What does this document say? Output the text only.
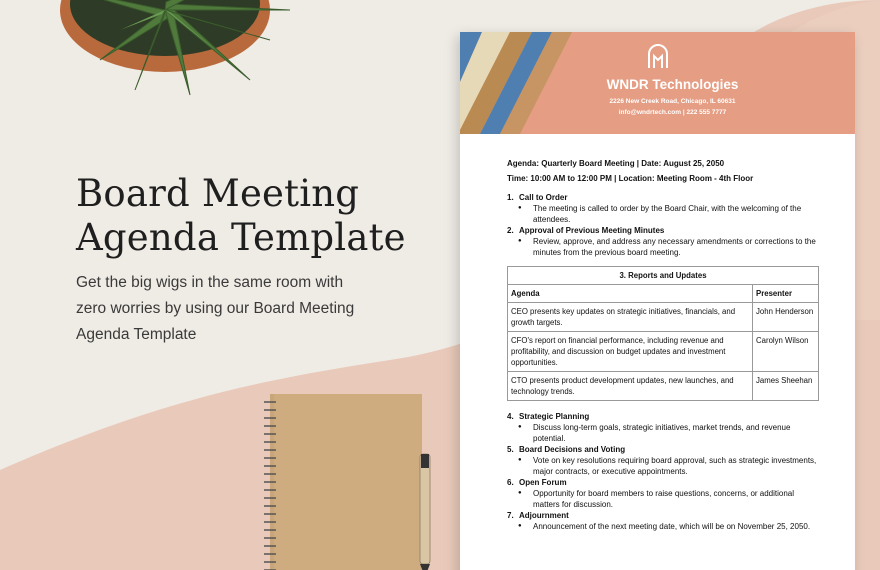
Board Meeting
Agenda Template
Get the big wigs in the same room with zero worries by using our Board Meeting Agenda Template
WNDR Technologies
2226 New Creek Road, Chicago, IL 60631
info@wndrtech.com | 222 555 7777
Agenda: Quarterly Board Meeting | Date: August 25, 2050
Time: 10:00 AM to 12:00 PM | Location: Meeting Room - 4th Floor
1. Call to Order
● The meeting is called to order by the Board Chair, with the welcoming of the attendees.
2. Approval of Previous Meeting Minutes
● Review, approve, and address any necessary amendments or corrections to the minutes from the previous board meeting.
3. Reports and Updates	
Agenda	Presenter
CEO presents key updates on strategic initiatives, financials, and growth targets.	John Henderson
CFO's report on financial performance, including revenue and profitability, and discussion on budget updates and investment opportunities.	Carolyn Wilson
CTO presents product development updates, new launches, and technology trends.	James Sheehan
4. Strategic Planning
● Discuss long-term goals, strategic initiatives, market trends, and revenue potential.
5. Board Decisions and Voting
● Vote on key resolutions requiring board approval, such as strategic investments, major contracts, or executive appointments.
6. Open Forum
● Opportunity for board members to raise questions, concerns, or additional matters for discussion.
7. Adjournment
● Announcement of the next meeting date, which will be on November 25, 2050.
